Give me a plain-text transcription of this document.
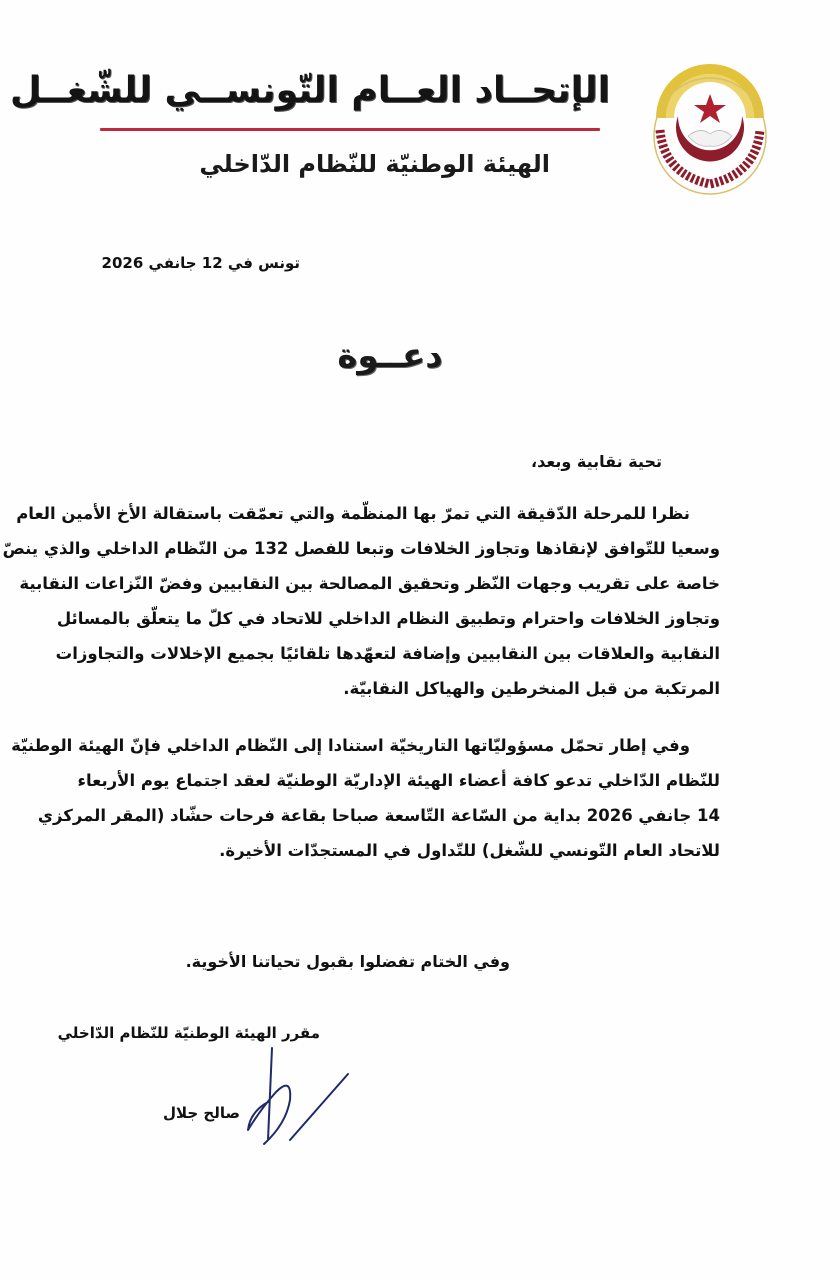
الإتحــاد العــام التّونســي للشّغــل
الهيئة الوطنيّة للنّظام الدّاخلي
تونس في 12 جانفي 2026
دعــوة
تحية نقابية وبعد،
نظرا للمرحلة الدّقيقة التي تمرّ بها المنظّمة والتي تعمّقت باستقالة الأخ الأمين العام
وسعيا للتّوافق لإنقاذها وتجاوز الخلافات وتبعا للفصل 132 من النّظام الداخلي والذي ينصّ
خاصة على تقريب وجهات النّظر وتحقيق المصالحة بين النقابيين وفضّ النّزاعات النقابية
وتجاوز الخلافات واحترام وتطبيق النظام الداخلي للاتحاد في كلّ ما يتعلّق بالمسائل
النقابية والعلاقات بين النقابيين وإضافة لتعهّدها تلقائيًا بجميع الإخلالات والتجاوزات
المرتكبة من قبل المنخرطين والهياكل النقابيّة.
وفي إطار تحمّل مسؤوليّاتها التاريخيّة استنادا إلى النّظام الداخلي فإنّ الهيئة الوطنيّة
للنّظام الدّاخلي تدعو كافة أعضاء الهيئة الإداريّة الوطنيّة لعقد اجتماع يوم الأربعاء
14 جانفي 2026 بداية من السّاعة التّاسعة صباحا بقاعة فرحات حشّاد (المقر المركزي
للاتحاد العام التّونسي للشّغل) للتّداول في المستجدّات الأخيرة.
وفي الختام تفضلوا بقبول تحياتنا الأخوية.
مقرر الهيئة الوطنيّة للنّظام الدّاخلي
صالح جلال
